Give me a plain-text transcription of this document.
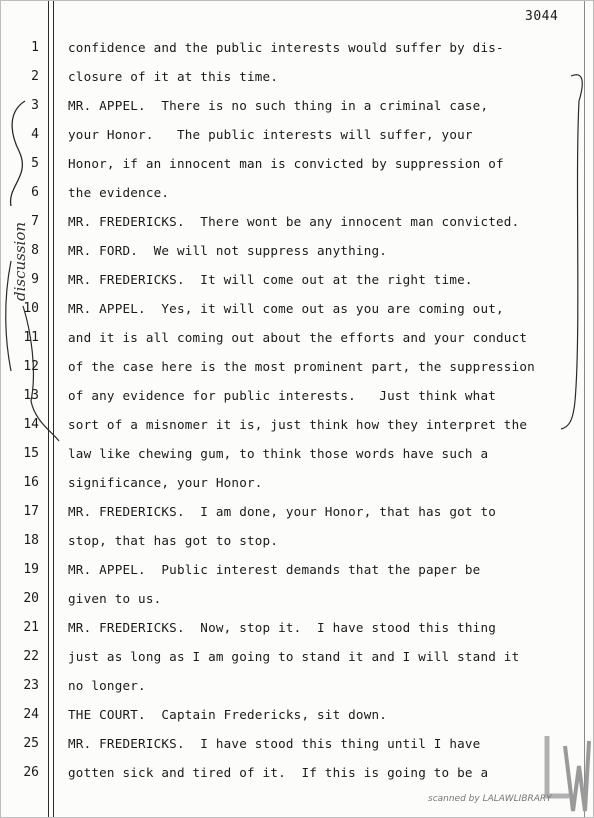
3044
1 confidence and the public interests would suffer by dis-
2 closure of it at this time.
3 MR. APPEL.  There is no such thing in a criminal case,
4 your Honor.   The public interests will suffer, your
5 Honor, if an innocent man is convicted by suppression of
6 the evidence.
7 MR. FREDERICKS.  There wont be any innocent man convicted.
8 MR. FORD.  We will not suppress anything.
9 MR. FREDERICKS.  It will come out at the right time.
10 MR. APPEL.  Yes, it will come out as you are coming out,
11 and it is all coming out about the efforts and your conduct
12 of the case here is the most prominent part, the suppression
13 of any evidence for public interests.   Just think what
14 sort of a misnomer it is, just think how they interpret the
15 law like chewing gum, to think those words have such a
16 significance, your Honor.
17 MR. FREDERICKS.  I am done, your Honor, that has got to
18 stop, that has got to stop.
19 MR. APPEL.  Public interest demands that the paper be
20 given to us.
21 MR. FREDERICKS.  Now, stop it.  I have stood this thing
22 just as long as I am going to stand it and I will stand it
23 no longer.
24 THE COURT.  Captain Fredericks, sit down.
25 MR. FREDERICKS.  I have stood this thing until I have
26 gotten sick and tired of it.  If this is going to be a
discussion
scanned by LALAWLIBRARY
